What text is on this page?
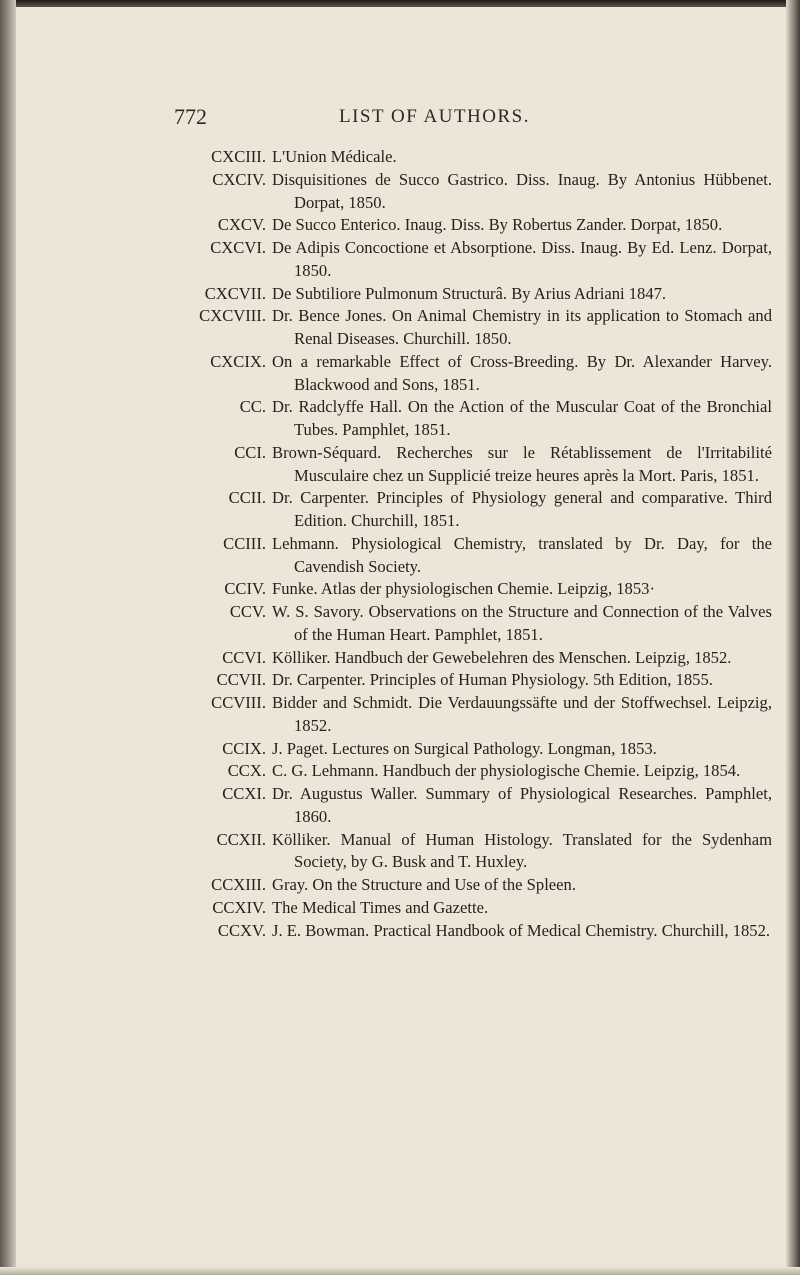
772	LIST OF AUTHORS.
CXCIII. L'Union Médicale.
CXCIV. Disquisitiones de Succo Gastrico. Diss. Inaug. By Antonius Hübbenet. Dorpat, 1850.
CXCV. De Succo Enterico. Inaug. Diss. By Robertus Zander. Dorpat, 1850.
CXCVI. De Adipis Concoctione et Absorptione. Diss. Inaug. By Ed. Lenz. Dorpat, 1850.
CXCVII. De Subtiliore Pulmonum Structurâ. By Arius Adriani 1847.
CXCVIII. Dr. Bence Jones. On Animal Chemistry in its application to Stomach and Renal Diseases. Churchill. 1850.
CXCIX. On a remarkable Effect of Cross-Breeding. By Dr. Alexander Harvey. Blackwood and Sons, 1851.
CC. Dr. Radclyffe Hall. On the Action of the Muscular Coat of the Bronchial Tubes. Pamphlet, 1851.
CCI. Brown-Séquard. Recherches sur le Rétablissement de l'Irritabilité Musculaire chez un Supplicié treize heures après la Mort. Paris, 1851.
CCII. Dr. Carpenter. Principles of Physiology general and comparative. Third Edition. Churchill, 1851.
CCIII. Lehmann. Physiological Chemistry, translated by Dr. Day, for the Cavendish Society.
CCIV. Funke. Atlas der physiologischen Chemie. Leipzig, 1853·
CCV. W. S. Savory. Observations on the Structure and Connection of the Valves of the Human Heart. Pamphlet, 1851.
CCVI. Kölliker. Handbuch der Gewebelehren des Menschen. Leipzig, 1852.
CCVII. Dr. Carpenter. Principles of Human Physiology. 5th Edition, 1855.
CCVIII. Bidder and Schmidt. Die Verdauungssäfte und der Stoffwechsel. Leipzig, 1852.
CCIX. J. Paget. Lectures on Surgical Pathology. Longman, 1853.
CCX. C. G. Lehmann. Handbuch der physiologische Chemie. Leipzig, 1854.
CCXI. Dr. Augustus Waller. Summary of Physiological Researches. Pamphlet, 1860.
CCXII. Kölliker. Manual of Human Histology. Translated for the Sydenham Society, by G. Busk and T. Huxley.
CCXIII. Gray. On the Structure and Use of the Spleen.
CCXIV. The Medical Times and Gazette.
CCXV. J. E. Bowman. Practical Handbook of Medical Chemistry. Churchill, 1852.
